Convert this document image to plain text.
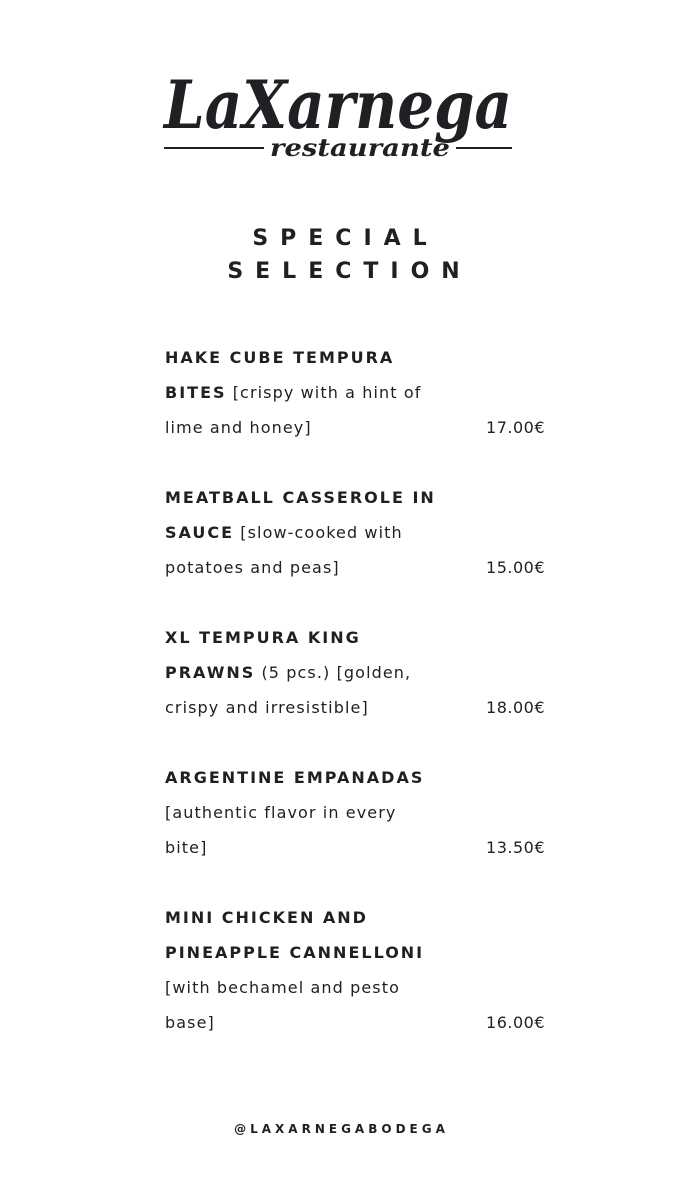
LaXarnega
restaurante
SPECIAL
SELECTION
HAKE CUBE TEMPURA
BITES [crispy with a hint of
lime and honey]	17.00€
MEATBALL CASSEROLE IN
SAUCE [slow-cooked with
potatoes and peas]	15.00€
XL TEMPURA KING
PRAWNS (5 pcs.) [golden,
crispy and irresistible]	18.00€
ARGENTINE EMPANADAS
[authentic flavor in every
bite]	13.50€
MINI CHICKEN AND
PINEAPPLE CANNELLONI
[with bechamel and pesto
base]	16.00€
@LAXARNEGABODEGA
